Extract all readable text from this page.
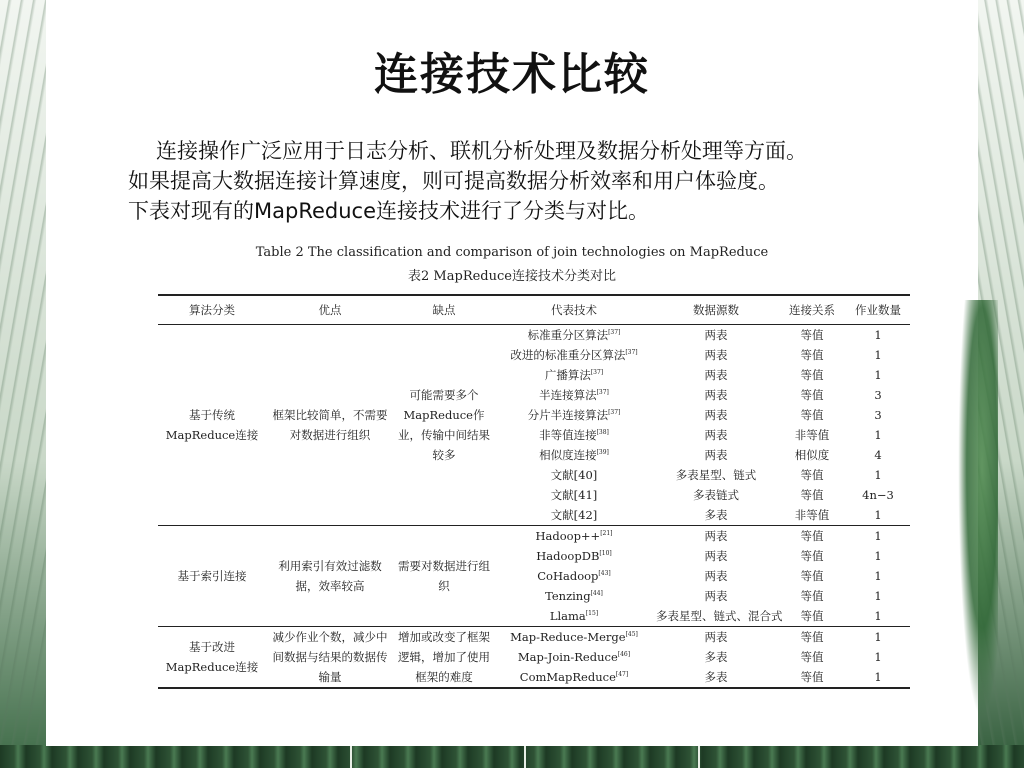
连接技术比较
连接操作广泛应用于日志分析、联机分析处理及数据分析处理等方面。
如果提高大数据连接计算速度，则可提高数据分析效率和用户体验度。
下表对现有的MapReduce连接技术进行了分类与对比。
Table 2 The classification and comparison of join technologies on MapReduce
表2 MapReduce连接技术分类对比
算法分类	优点	缺点	代表技术	数据源数	连接关系	作业数量
基于传统 MapReduce连接	框架比较简单，不需要对数据进行组织	可能需要多个MapReduce作业，传输中间结果较多	标准重分区算法[37]	两表	等值	1
			改进的标准重分区算法[37]	两表	等值	1
			广播算法[37]	两表	等值	1
			半连接算法[37]	两表	等值	3
			分片半连接算法[37]	两表	等值	3
			非等值连接[38]	两表	非等值	1
			相似度连接[39]	两表	相似度	4
			文献[40]	多表星型、链式	等值	1
			文献[41]	多表链式	等值	4n−3
			文献[42]	多表	非等值	1
基于索引连接	利用索引有效过滤数据，效率较高	需要对数据进行组织	Hadoop++[21]	两表	等值	1
			HadoopDB[10]	两表	等值	1
			CoHadoop[43]	两表	等值	1
			Tenzing[44]	两表	等值	1
			Llama[15]	多表星型、链式、混合式	等值	1
基于改进 MapReduce连接	减少作业个数，减少中间数据与结果的数据传输量	增加或改变了框架逻辑，增加了使用框架的难度	Map-Reduce-Merge[45]	两表	等值	1
			Map-Join-Reduce[46]	多表	等值	1
			ComMapReduce[47]	多表	等值	1
